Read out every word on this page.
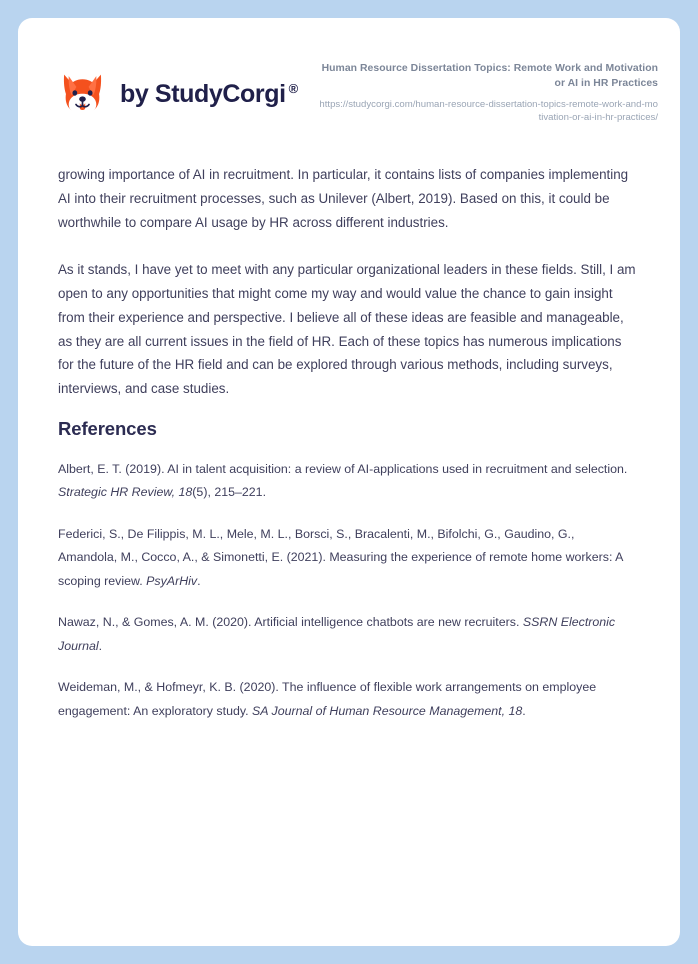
by StudyCorgi ®
Human Resource Dissertation Topics: Remote Work and Motivation or AI in HR Practices
https://studycorgi.com/human-resource-dissertation-topics-remote-work-and-motivation-or-ai-in-hr-practices/

growing importance of AI in recruitment. In particular, it contains lists of companies implementing AI into their recruitment processes, such as Unilever (Albert, 2019). Based on this, it could be worthwhile to compare AI usage by HR across different industries.

As it stands, I have yet to meet with any particular organizational leaders in these fields. Still, I am open to any opportunities that might come my way and would value the chance to gain insight from their experience and perspective. I believe all of these ideas are feasible and manageable, as they are all current issues in the field of HR. Each of these topics has numerous implications for the future of the HR field and can be explored through various methods, including surveys, interviews, and case studies.

References

Albert, E. T. (2019). AI in talent acquisition: a review of AI-applications used in recruitment and selection. Strategic HR Review, 18(5), 215–221.

Federici, S., De Filippis, M. L., Mele, M. L., Borsci, S., Bracalenti, M., Bifolchi, G., Gaudino, G., Amandola, M., Cocco, A., & Simonetti, E. (2021). Measuring the experience of remote home workers: A scoping review. PsyArHiv.

Nawaz, N., & Gomes, A. M. (2020). Artificial intelligence chatbots are new recruiters. SSRN Electronic Journal.

Weideman, M., & Hofmeyr, K. B. (2020). The influence of flexible work arrangements on employee engagement: An exploratory study. SA Journal of Human Resource Management, 18.
